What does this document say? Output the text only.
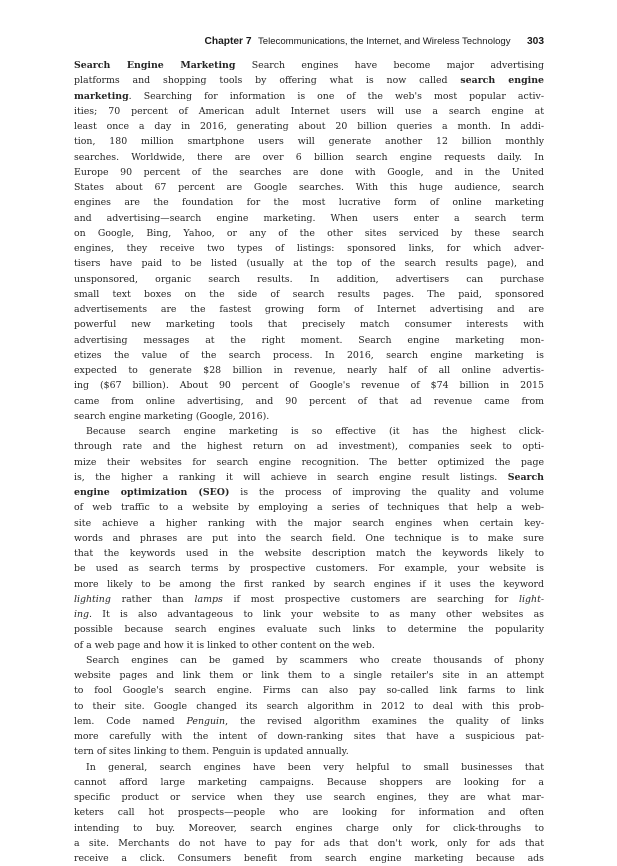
Chapter 7 Telecommunications, the Internet, and Wireless Technology 303
Search Engine Marketing Search engines have become major advertising
platforms and shopping tools by offering what is now called search engine
marketing. Searching for information is one of the web's most popular activ-
ities; 70 percent of American adult Internet users will use a search engine at
least once a day in 2016, generating about 20 billion queries a month. In addi-
tion, 180 million smartphone users will generate another 12 billion monthly
searches. Worldwide, there are over 6 billion search engine requests daily. In
Europe 90 percent of the searches are done with Google, and in the United
States about 67 percent are Google searches. With this huge audience, search
engines are the foundation for the most lucrative form of online marketing
and advertising—search engine marketing. When users enter a search term
on Google, Bing, Yahoo, or any of the other sites serviced by these search
engines, they receive two types of listings: sponsored links, for which adver-
tisers have paid to be listed (usually at the top of the search results page), and
unsponsored, organic search results. In addition, advertisers can purchase
small text boxes on the side of search results pages. The paid, sponsored
advertisements are the fastest growing form of Internet advertising and are
powerful new marketing tools that precisely match consumer interests with
advertising messages at the right moment. Search engine marketing mon-
etizes the value of the search process. In 2016, search engine marketing is
expected to generate $28 billion in revenue, nearly half of all online advertis-
ing ($67 billion). About 90 percent of Google's revenue of $74 billion in 2015
came from online advertising, and 90 percent of that ad revenue came from
search engine marketing (Google, 2016).
Because search engine marketing is so effective (it has the highest click-
through rate and the highest return on ad investment), companies seek to opti-
mize their websites for search engine recognition. The better optimized the page
is, the higher a ranking it will achieve in search engine result listings. Search
engine optimization (SEO) is the process of improving the quality and volume
of web traffic to a website by employing a series of techniques that help a web-
site achieve a higher ranking with the major search engines when certain key-
words and phrases are put into the search field. One technique is to make sure
that the keywords used in the website description match the keywords likely to
be used as search terms by prospective customers. For example, your website is
more likely to be among the first ranked by search engines if it uses the keyword
lighting rather than lamps if most prospective customers are searching for light-
ing. It is also advantageous to link your website to as many other websites as
possible because search engines evaluate such links to determine the popularity
of a web page and how it is linked to other content on the web.
Search engines can be gamed by scammers who create thousands of phony
website pages and link them or link them to a single retailer's site in an attempt
to fool Google's search engine. Firms can also pay so-called link farms to link
to their site. Google changed its search algorithm in 2012 to deal with this prob-
lem. Code named Penguin, the revised algorithm examines the quality of links
more carefully with the intent of down-ranking sites that have a suspicious pat-
tern of sites linking to them. Penguin is updated annually.
In general, search engines have been very helpful to small businesses that
cannot afford large marketing campaigns. Because shoppers are looking for a
specific product or service when they use search engines, they are what mar-
keters call hot prospects—people who are looking for information and often
intending to buy. Moreover, search engines charge only for click-throughs to
a site. Merchants do not have to pay for ads that don't work, only for ads that
receive a click. Consumers benefit from search engine marketing because ads
